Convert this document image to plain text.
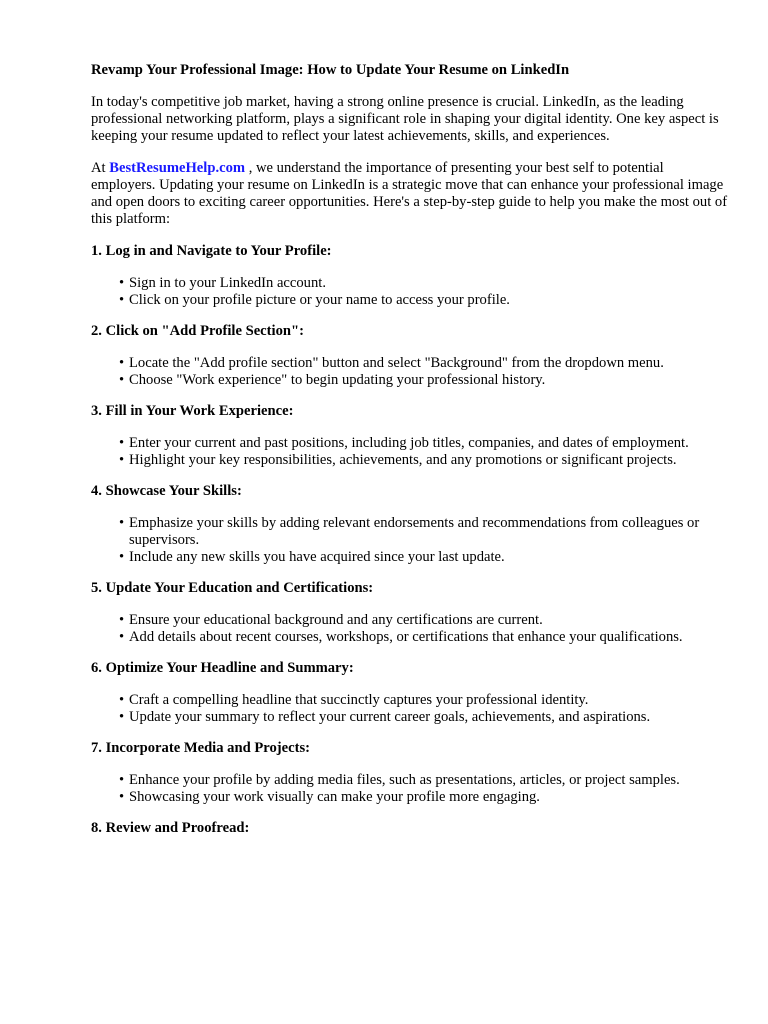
Revamp Your Professional Image: How to Update Your Resume on LinkedIn

In today's competitive job market, having a strong online presence is crucial. LinkedIn, as the leading professional networking platform, plays a significant role in shaping your digital identity. One key aspect is keeping your resume updated to reflect your latest achievements, skills, and experiences.

At BestResumeHelp.com , we understand the importance of presenting your best self to potential employers. Updating your resume on LinkedIn is a strategic move that can enhance your professional image and open doors to exciting career opportunities. Here's a step-by-step guide to help you make the most out of this platform:

1. Log in and Navigate to Your Profile:
• Sign in to your LinkedIn account.
• Click on your profile picture or your name to access your profile.
2. Click on "Add Profile Section":
• Locate the "Add profile section" button and select "Background" from the dropdown menu.
• Choose "Work experience" to begin updating your professional history.
3. Fill in Your Work Experience:
• Enter your current and past positions, including job titles, companies, and dates of employment.
• Highlight your key responsibilities, achievements, and any promotions or significant projects.
4. Showcase Your Skills:
• Emphasize your skills by adding relevant endorsements and recommendations from colleagues or supervisors.
• Include any new skills you have acquired since your last update.
5. Update Your Education and Certifications:
• Ensure your educational background and any certifications are current.
• Add details about recent courses, workshops, or certifications that enhance your qualifications.
6. Optimize Your Headline and Summary:
• Craft a compelling headline that succinctly captures your professional identity.
• Update your summary to reflect your current career goals, achievements, and aspirations.
7. Incorporate Media and Projects:
• Enhance your profile by adding media files, such as presentations, articles, or project samples.
• Showcasing your work visually can make your profile more engaging.
8. Review and Proofread:
